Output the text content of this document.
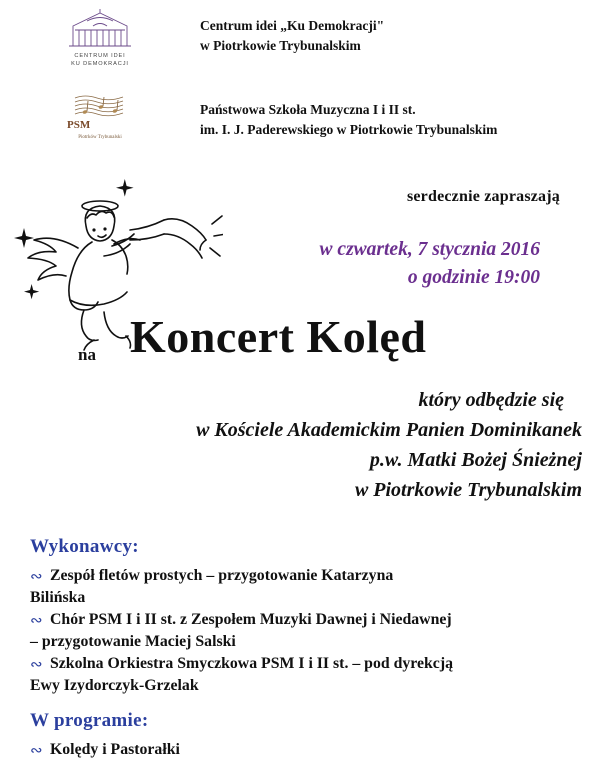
CENTRUM IDEI
KU DEMOKRACJI
Centrum idei „Ku Demokracji"
w Piotrkowie Trybunalskim
PSM
Piotrków Trybunalski
Państwowa Szkoła Muzyczna I i II st.
im. I. J. Paderewskiego w Piotrkowie Trybunalskim
serdecznie zapraszają
w czwartek, 7 stycznia 2016
o godzinie 19:00
na Koncert Kolęd
który odbędzie się
w Kościele Akademickim Panien Dominikanek
p.w. Matki Bożej Śnieżnej
w Piotrkowie Trybunalskim
Wykonawcy:
∾ Zespół fletów prostych – przygotowanie Katarzyna
Bilińska
∾ Chór PSM I i II st. z Zespołem Muzyki Dawnej i Niedawnej
– przygotowanie Maciej Salski
∾ Szkolna Orkiestra Smyczkowa PSM I i II st. – pod dyrekcją
Ewy Izydorczyk-Grzelak
W programie:
∾ Kolędy i Pastorałki
